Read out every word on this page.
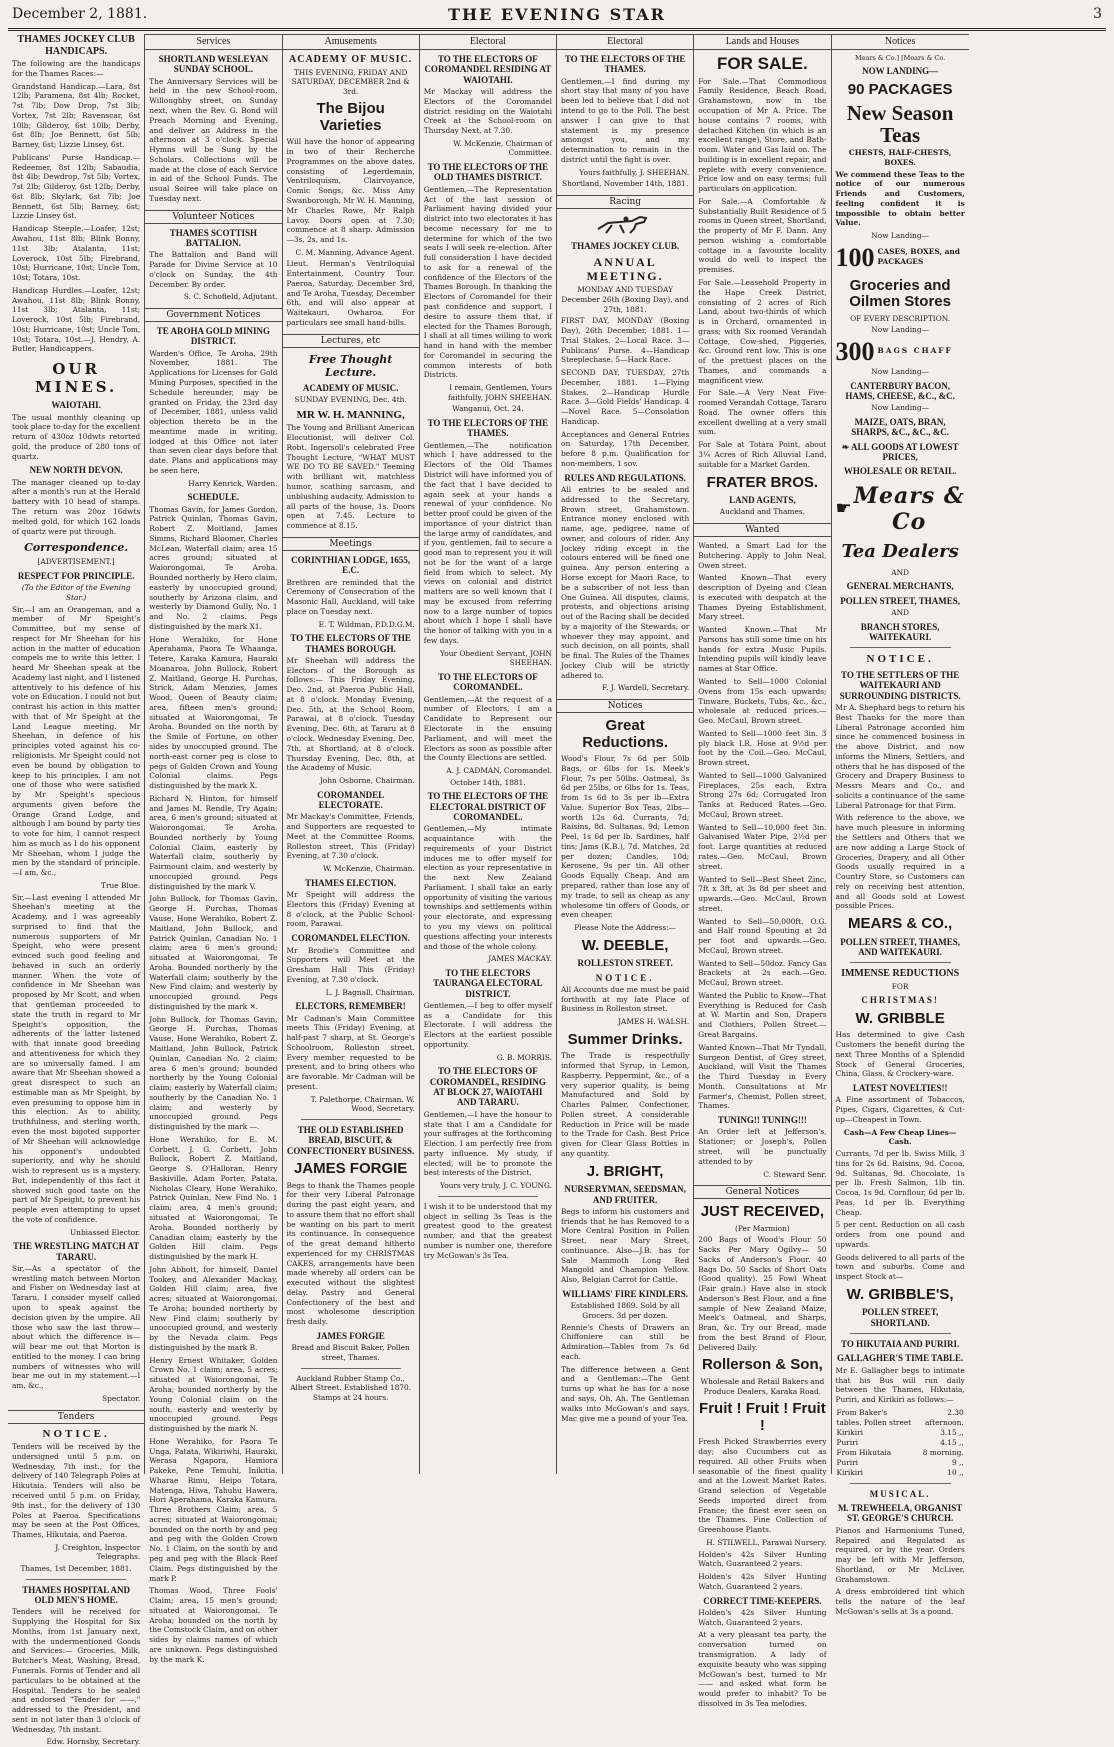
December 2, 1881.	THE EVENING STAR	3
THAMES JOCKEY CLUB HANDICAPS.

The following are the handicaps for the Thames Races:—

Grandstand Handicap.—Lara, 8st 12lb; Paramena, 8st 4lb; Rocket, 7st 7lb; Dow Drop, 7st 3lb; Vortex, 7st 2lb; Ravenscar, 6st 10lb; Gilderoy, 6st 10lb; Derby, 6st 8lb; Joe Bennett, 6st 5lb; Barney, 6st; Lizzie Linsey, 6st.

Publicans' Purse Handicap.—Redeemer, 8st 12lb; Sabaudia, 8st 4lb; Dewdrop, 7st 5lb; Vortex, 7st 2lb; Gilderoy, 6st 12lb; Derby, 6st 8lb; Skylark, 6st 7lb; Joe Bennett, 6st 5lb; Barney, 6st; Lizzie Linsey 6st.

Handicap Steeple.—Loafer, 12st; Awahou, 11st 8lb; Blink Bonny, 11st 3lb; Atalanta, 11st; Loverock, 10st 5lb; Firebrand, 10st; Hurricane, 10st; Uncle Tom, 10st; Totara, 10st.

Handicap Hurdles.—Loafer, 12st; Awahou, 11st 8lb; Blink Bonny, 11st 3lb; Atalanta, 11st; Loverock, 10st 5lb; Firebrand, 10st; Hurricane, 10st; Uncle Tom, 10st; Totara, 10st.—J. Hendry, A. Butler, Handicappers.

OUR MINES.
WAIOTAHI.

The usual monthly cleaning up took place to-day for the excellent return of 430oz 10dwts retorted gold, the produce of 280 tons of quartz.

NEW NORTH DEVON.

The manager cleaned up to-day after a month's run at the Herald battery with 10 head of stamps. The return was 20oz 16dwts melted gold, for which 162 loads of quartz were put through.

Correspondence.
[ADVERTISEMENT.]
RESPECT FOR PRINCIPLE.
(To the Editor of the Evening Star.)

Sir,—I am an Orangeman, and a member of Mr Speight's Committee, but my sense of respect for Mr Sheehan for his action in the matter of education compels me to write this letter. I heard Mr Sheehan speak at the Academy last night, and I listened attentively to his defence of his vote on Education. I could not but contrast his action in this matter with that of Mr Speight at the Land League meeting. Mr Sheehan, in defence of his principles voted against his co-religionists. Mr Speight could not even be bound by obligation to keep to his principles. I am not one of those who were satisfied by Mr Speight's specious arguments given before the Orange Grand Lodge, and although I am bound by party ties to vote for him, I cannot respect him as much as I do his opponent Mr Sheehan, whom I judge the men by the standard of principle.—I am, &c.,

True Blue.

Sir,—Last evening I attended Mr Sheehan's meeting at the Academy, and I was agreeably surprised to find that the numerous supporters of Mr Speight, who were present evinced such good feeling and behaved in such an orderly manner. When the vote of confidence in Mr Sheehan was proposed by Mr Scott, and when that gentleman proceeded to state the truth in regard to Mr Speight's opposition, the adherents of the latter listened with that innate good breeding and attentiveness for which they are so universally famed. I am aware that Mr Sheehan showed a great disrespect to such an estimable man as Mr Speight, by even presuming to oppose him in this election. As to ability, truthfulness, and sterling worth, even the most bigoted supporter of Mr Sheehan will acknowledge his opponent's undoubted superiority, and why he should wish to represent us is a mystery. But, independently of this fact it showed such good taste on the part of Mr Speight, to prevent his people even attempting to upset the vote of confidence.

Unbiassed Elector.
THE WRESTLING MATCH AT TARARU.

Sir,—As a spectator of the wrestling match between Morton and Fisher on Wednesday last at Tararu, I consider myself called upon to speak against the decision given by the umpire. All those who saw the last throw—about which the difference is—will bear me out that Morton is entitled to the money. I can bring numbers of witnesses who will bear me out in my statement.—I am, &c.,

Spectator.
Tenders
NOTICE.

Tenders will be received by the undersigned until 5 p.m. on Wednesday, 7th inst., for the delivery of 140 Telegraph Poles at Hikutaia. Tenders will also be received until 5 p.m. on Friday, 9th inst., for the delivery of 130 Poles at Paeroa. Specifications may be seen at the Post Offices, Thames, Hikutaia, and Paeroa.

J. Creighton, Inspector Telegraphs.
Thames, 1st December, 1881.
THAMES HOSPITAL AND OLD MEN'S HOME.

Tenders will be received for Supplying the Hospital for Six Months, from 1st January next, with the undermentioned Goods and Services:— Groceries, Milk, Butcher's Meat, Washing, Bread, Funerals. Forms of Tender and all particulars to be obtained at the Hospital. Tenders to be sealed and endorsed "Tender for ——," addressed to the President, and sent in not later than 3 o'clock of Wednesday, 7th instant.

Edw. Hornsby, Secretary.
Services
SHORTLAND WESLEYAN SUNDAY SCHOOL.

The Anniversary Services will be held in the new School-room, Willoughby street, on Sunday next, when the Rev. G. Bond will Preach Morning and Evening, and deliver an Address in the afternoon at 3 o'clock. Special Hymns will be Sung by the Scholars. Collections will be made at the close of each Service in aid of the School Funds. The usual Soiree will take place on Tuesday next.

Volunteer Notices
THAMES SCOTTISH BATTALION.

The Battalion and Band will Parade for Divine Service at 10 o'clock on Sunday, the 4th December. By order.

S. C. Schofield, Adjutant.
Government Notices
TE AROHA GOLD MINING DISTRICT.

Warden's Office, Te Aroha, 29th November, 1881. The Applications for Licenses for Gold Mining Purposes, specified in the Schedule hereunder, may be granted on Friday, the 23rd day of December, 1881, unless valid objection thereto be in the meantime made in writing, lodged at this Office not later than seven clear days before that date. Plans and applications may be seen here.

Harry Kenrick, Warden.
SCHEDULE.

Thomas Gavin, for James Gordon, Patrick Quinlan, Thomas Gavin, Robert Z. Moitland, James Simms, Richard Bloomer, Charles McLean, Waterfall claim; area 15 acres ground; situated at Waiorongomai, Te Aroha. Bounded northerly by Hero claim, easterly by unoccupied ground, southerly by Arizona claim, and westerly by Diamond Gully, No. 1 and No. 2 claims. Pegs distinguished by the mark X1.

Hone Werahiko, for Hone Aperahama, Paora Te Whaanga, Tetere, Karaka Kamura, Hauraki Moanaroa, John Bullock, Robert Z. Maitland, George H. Purchas, Strick, Adam Menzies, James Wood, Queen of Beauty claim; area, fifteen men's ground; situated at Waiorongomai, Te Aroha. Bounded on the north by the Smile of Fortune, on other sides by unoccupied ground. The north-east corner peg is close to pegs of Golden Crown and Young Colonial claims. Pegs distinguished by the mark X.

Richard N. Hinton, for himself and James M. Rendle, Try Again; area, 6 men's ground; situated at Waiorongomai, Te Aroha. Bounded northerly by Young Colonial Claim, easterly by Waterfall claim, southerly by Fairmount claim, and westerly by unoccupied ground. Pegs distinguished by the mark V.

John Bullock, for Thomas Gavin, George H. Purchas, Thomas Vause, Hone Werahiko, Robert Z. Maitland, John Bullock, and Patrick Quinlan, Canadian No. 1 claim; area 6 men's ground; situated at Waiorongomai, Te Aroha. Bounded northerly by the Waterfall claim; southerly by the New Find claim; and westerly by unoccupied ground. Pegs distinguished by the mark ✕.

John Bullock, for Thomas Gavin, George H. Purchas, Thomas Vause, Hone Werahiko, Robert Z. Maitland, John Bullock, Patrick Quinlan, Canadian No. 2 claim; area 6 men's ground; bounded northerly by the Young Colonial claim; easterly by Waterfall claim; southerly by the Canadian No. 1 claim; and westerly by unoccupied ground. Pegs distinguished by the mark —.

Hone Werahiko, for E. M. Corbett, J. G. Corbett, John Bullock, Robert Z. Maitland, George S. O'Halloran, Henry Baskiville, Adam Porter, Patata, Nicholas Cleary, Hone Werahiko, Patrick Quinlan, New Find No. 1 claim; area, 4 men's ground; situated at Waiorongomai, Te Aroha. Bounded northerly by Canadian claim; easterly by the Golden Hill claim. Pegs distinguished by the mark H.

John Abbott, for himself, Daniel Tookey, and Alexander Mackay, Golden Hill claim; area, five acres; situated at Waiorongomai, Te Aroha; bounded northerly by New Find claim; southerly by unoccupied ground, and westerly by the Nevada claim. Pegs distinguished by the mark B.

Henry Ernest Whitaker, Golden Crown No. 1 claim; area, 5 acres; situated at Waiorongomai, Te Aroha; bounded northerly by the Young Colonial claim on the south, easterly and westerly by unoccupied ground. Pegs distinguished by the mark N.

Hone Werahiko, for Paora Te Unga, Patata, Wikiriwhi, Hauraki, Werasa Ngapora, Hamiora Pakeke, Pene Temuhi, Inikitia, Wharae Rimu, Heipo Totara, Matenga, Hiwa, Tahuhu Hawera, Hori Aperahama, Karaka Kamura. Three Brothers Claim; area, 5 acres; situated at Waiorongomai; bounded on the north by and peg and peg with the Golden Crown No. 1 Claim, on the south by and peg and peg with the Black Reef Claim. Pegs distinguished by the mark P.

Thomas Wood, Three Fools' Claim; area, 15 men's ground; situated at Waiorongomai, Te Aroha; bounded on the north by the Comstock Claim, and on other sides by claims names of which are unknown. Pegs distinguished by the mark K.

Amusements
ACADEMY OF MUSIC.
THIS EVENING, FRIDAY AND SATURDAY, DECEMBER 2nd & 3rd.
The Bijou Varieties

Will have the honor of appearing in two of their Recherche Programmes on the above dates, consisting of Legerdemain, Ventriloquism, Clairvoyance, Comic Songs, &c. Miss Amy Swanborough, Mr W. H. Manning, Mr Charles Rowe, Mr Ralph Lavoy. Doors open at 7.30; commence at 8 sharp. Admission—3s, 2s, and 1s.

C. M. Manning, Advance Agent.

Lieut. Herman's Ventriloquial Entertainment, Country Tour. Paeroa, Saturday, December 3rd, and Te Aroha, Tuesday, December 6th, and will also appear at Waitekauri, Owharoa. For particulars see small hand-bills.

Lectures, etc
Free Thought Lecture.
ACADEMY OF MUSIC.
SUNDAY EVENING, Dec. 4th.
MR W. H. MANNING,

The Young and Brilliant American Elocutionist, will deliver Col. Robt. Ingersoll's celebrated Free Thought Lecture, "WHAT MUST WE DO TO BE SAVED." Teeming with brilliant wit, matchless humor, scathing sarcasm, and unblushing audacity. Admission to all parts of the house, 1s. Doors open at 7.45. Lecture to commence at 8.15.

Meetings
CORINTHIAN LODGE, 1655, E.C.

Brethren are reminded that the Ceremony of Consecration of the Masonic Hall, Auckland, will take place on Tuesday next.

E. T. Wildman, P.D.D.G.M.
TO THE ELECTORS OF THE THAMES BOROUGH.

Mr Sheehan will address the Electors of the Borough as follows:— This Friday Evening, Dec. 2nd, at Paeroa Public Hall, at 8 o'clock. Monday Evening, Dec. 5th, at the School Room, Parawai, at 8 o'clock. Tuesday Evening, Dec. 6th, at Tararu at 8 o'clock. Wednesday Evening, Dec. 7th, at Shortland, at 8 o'clock. Thursday Evening, Dec. 8th, at the Academy of Music.

John Osborne, Chairman.
COROMANDEL ELECTORATE.

Mr Mackay's Committee, Friends, and Supporters are requested to Meet at the Committee Rooms, Rolleston street, This (Friday) Evening, at 7.30 o'clock.

W. McKenzie, Chairman.
THAMES ELECTION.

Mr Speight will address the Electors this (Friday) Evening at 8 o'clock, at the Public School-room, Parawai.

COROMANDEL ELECTION.

Mr Brodie's Committee and Supporters will Meet at the Gresham Hall This (Friday) Evening, at 7.30 o'clock.

L. J. Bagnall, Chairman.
ELECTORS, REMEMBER!

Mr Cadman's Main Committee meets This (Friday) Evening, at half-past 7 sharp, at St. George's Schoolroom, Rolleston street. Every member requested to be present, and to bring others who are favorable. Mr Cadman will be present.

T. Palethorpe, Chairman. W. Wood, Secretary.
THE OLD ESTABLISHED BREAD, BISCUIT, & CONFECTIONERY BUSINESS.
JAMES FORGIE

Begs to thank the Thames people for their very Liberal Patronage during the past eight years, and to assure them that no effort shall be wanting on his part to merit its continuance. In consequence of the great demand hitherto experienced for my CHRISTMAS CAKES, arrangements have been made whereby all orders can be executed without the slightest delay. Pastry and General Confectionery of the best and most wholesome description fresh daily.

JAMES FORGIE
Bread and Biscuit Baker, Pollen street, Thames.
Auckland Rubber Stamp Co., Albert Street. Established 1870. Stamps at 24 hours.
Electoral
TO THE ELECTORS OF COROMANDEL RESIDING AT WAIOTAHI.

Mr Mackay will address the Electors of the Coromandel district residing on the Waiotahi Creek at the School-room on Thursday Next, at 7.30.

W. McKenzie, Chairman of Committee.
TO THE ELECTORS OF THE OLD THAMES DISTRICT.

Gentlemen,—The Representation Act of the last session of Parliament having divided your district into two electorates it has become necessary for me to determine for which of the two seats I will seek re-election. After full consideration I have decided to ask for a renewal of the confidence of the Electors of the Thames Borough. In thanking the Electors of Coromandel for their past confidence and support, I desire to assure them that, if elected for the Thames Borough, I shall at all times willing to work hand in hand with the member for Coromandel in securing the common interests of both Districts.

I remain, Gentlemen, Yours faithfully, JOHN SHEEHAN.
Wanganui, Oct. 24.
TO THE ELECTORS OF THE THAMES.

Gentlemen,—The notification which I have addressed to the Electors of the Old Thames District will have informed you of the fact that I have decided to again seek at your hands a renewal of your confidence. No better proof could be given of the importance of your district than the large army of candidates, and if you, gentlemen, fail to secure a good man to represent you it will not be for the want of a large field from which to select. My views on colonial and district matters are so well known that I may be excused from referring now to a large number of topics about which I hope I shall have the honor of talking with you in a few days.

Your Obedient Servant, JOHN SHEEHAN.
TO THE ELECTORS OF COROMANDEL.

Gentlemen,—At the request of a number of Electors, I am a Candidate to Represent our Electorate in the ensuing Parliament, and will meet the Electors as soon as possible after the County Elections are settled.

A. J. CADMAN, Coromandel.
October 14th, 1881.
TO THE ELECTORS OF THE ELECTORAL DISTRICT OF COROMANDEL.

Gentlemen,—My intimate acquaintance with the requirements of your District induces me to offer myself for election as your representative in the next New Zealand Parliament. I shall take an early opportunity of visiting the various townships and settlements within your electorate, and expressing to you my views on political questions affecting your interests and those of the whole colony.

JAMES MACKAY.
TO THE ELECTORS TAURANGA ELECTORAL DISTRICT.

Gentlemen,—I beg to offer myself as a Candidate for this Electorate. I will address the Electors at the earliest possible opportunity.

G. B. MORRIS.
TO THE ELECTORS OF COROMANDEL, RESIDING AT BLOCK 27, WAIOTAHI AND TARARU.

Gentlemen,—I have the honour to state that I am a Candidate for your suffrages at the forthcoming Election. I am perfectly free from party influence. My study, if elected, will be to promote the best interests of the District.

Yours very truly, J. C. YOUNG.

I wish it to be understood that my object in selling 3s Teas is the greatest good to the greatest number, and that the greatest number is number one, therefore try McGowan's 3s Tea.

Electoral
TO THE ELECTORS OF THE THAMES.

Gentlemen,—I find during my short stay that many of you have been led to believe that I did not intend to go to the Poll. The best answer I can give to that statement is my presence amongst you, and my determination to remain in the district until the fight is over.

Yours faithfully, J. SHEEHAN.
Shortland, November 14th, 1881.
Racing
THAMES JOCKEY CLUB.
ANNUAL MEETING.
MONDAY AND TUESDAY December 26th (Boxing Day), and 27th, 1881.

FIRST DAY, MONDAY (Boxing Day), 26th December, 1881. 1—Trial Stakes. 2—Local Race. 3—Publicans' Purse. 4—Handicap Steeplechase. 5—Hack Race.

SECOND DAY, TUESDAY, 27th December, 1881. 1—Flying Stakes. 2—Handicap Hurdle Race. 3—Gold Fields' Handicap. 4—Novel Race. 5—Consolation Handicap.

Acceptances and General Entries on Saturday, 17th December, before 8 p.m. Qualification for non-members, 1 sov.

RULES AND REGULATIONS.

All entries to be sealed and addressed to the Secretary, Brown street, Grahamstown. Entrance money enclosed with name, age, pedigree, name of owner, and colours of rider. Any Jockey riding except in the colours entered will be fined one guinea. Any person entering a Horse except for Maori Race, to be a subscriber of not less than One Guinea. All disputes, claims, protests, and objections arising out of the Racing shall be decided by a majority of the Stewards, or whoever they may appoint, and such decision, on all points, shall be final. The Rules of the Thames Jockey Club will be strictly adhered to.

F. J. Wardell, Secretary.
Notices
Great Reductions.

Wood's Flour, 7s 6d per 50lb Bags, or 6lbs for 1s. Meek's Flour, 7s per 50lbs. Oatmeal, 3s 6d per 25lbs, or 6lbs for 1s. Teas, from 1s 6d to 3s per lb—Extra Value. Superior Box Teas, 2lbs—worth 12s 6d. Currants, 7d; Raisins, 8d. Sultanas, 9d; Lemon Peel, 1s 6d per lb. Sardines, half tins; Jams (K.B.), 7d. Matches, 2d per dozen; Candles, 10d; Kerosene, 9s per tin. All other Goods Equally Cheap. And am prepared, rather than lose any of my trade, to sell as cheap as any wholesome tin offers of Goods, or even cheaper.

Please Note the Address:—
W. DEEBLE,
ROLLESTON STREET.
NOTICE.

All Accounts due me must be paid forthwith at my late Place of Business in Rolleston street.

JAMES H. WALSH.
Summer Drinks.

The Trade is respectfully informed that Syrup, in Lemon, Raspberry, Peppermint, &c., of a very superior quality, is being Manufactured and Sold by Charles Palmer, Confectioner, Pollen street. A considerable Reduction in Price will be made to the Trade for Cash. Best Price given for Clear Glass Bottles in any quantity.

J. BRIGHT,
NURSERYMAN, SEEDSMAN, AND FRUITER.

Begs to inform his customers and friends that he has Removed to a More Central Position in Pollen Street, near Mary Street, continuance. Also—J.B. has for Sale Mammoth Long Red Mangold and Champion Yellow. Also, Belgian Carrot for Cattle.

WILLIAMS' FIRE KINDLERS.
Established 1869. Sold by all Grocers. 3d per dozen.

Rennie's Chests of Drawers an Chiffoniere can still be Admiration—Tables from 7s 6d each.

The difference between a Gent and a Gentleman:—The Gent turns up what he has for a nose and says, Oh, Ah. The Gentleman walks into McGowan's and says, Mac give me a pound of your Tea.

Lands and Houses
FOR SALE.

For Sale.—That Commodious Family Residence, Beach Road, Grahamstown, now in the occupation of Mr A. Price. The house contains 7 rooms, with detached Kitchen (in which is an excellent range), Store, and Bath-room. Water and Gas laid on. The building is in excellent repair, and replete with every convenience. Price low and on easy terms; full particulars on application.

For Sale.—A Comfortable & Substantially Built Residence of 5 rooms in Queen street, Shortland, the property of Mr F. Dann. Any person wishing a comfortable cottage in a favourite locality would do well to inspect the premises.

For Sale.—Leasehold Property in the Hape Creek District, consisting of 2 acres of Rich Land, about two-thirds of which is in Orchard, ornamented in grass; with Six roomed Verandah Cottage, Cow-shed, Piggeries, &c. Ground rent low. This is one of the prettiest places on the Thames, and commands a magnificent view.

For Sale.—A Very Neat Five-roomed Verandah Cottage, Tararu Road. The owner offers this excellent dwelling at a very small sum.

For Sale at Totara Point, about 3¼ Acres of Rich Alluvial Land, suitable for a Market Garden.

FRATER BROS.
LAND AGENTS,
Auckland and Thames.
Wanted

Wanted, a Smart Lad for the Butchering. Apply to John Neal, Owen street.

Wanted Known—That every description of Dyeing and Clean is executed with despatch at the Thames Dyeing Establishment, Mary street.

Wanted Known.—That Mr Parsons has still some time on his hands for extra Music Pupils. Intending pupils will kindly leave names at Star Office.

Wanted to Sell—1000 Colonial Ovens from 15s each upwards; Tinware, Buckets, Tubs, &c., &c., wholesale at reduced prices.—Geo. McCaul, Brown street.

Wanted to Sell—1000 feet 3in. 3 ply black I.R. Hose at 9½d per foot by the Coil.—Geo. McCaul, Brown street.

Wanted to Sell—1000 Galvanized Fireplaces, 25s each, Extra Strong 27s 6d; Corrugated Iron Tanks at Reduced Rates.—Geo. McCaul, Brown street.

Wanted to Sell—10,000 feet 3in. Galvanised Water Pipe, 2½d per foot. Large quantities at reduced rates.—Geo. McCaul, Brown street.

Wanted to Sell—Best Sheet Zinc, 7ft x 3ft, at 3s 8d per sheet and upwards.—Geo. McCaul, Brown street.

Wanted to Sell—50,000ft. O.G. and Half round Spouting at 2d per foot and upwards.—Geo. McCaul, Brown street.

Wanted to Sell—50doz. Fancy Gas Brackets at 2s each.—Geo. McCaul, Brown street.

Wanted the Public to Know—That Everything is Reduced for Cash at W. Martin and Son, Drapers and Clothiers, Pollen Street.—Great Bargains.

Wanted Known—That Mr Tyndall, Surgeon Dentist, of Grey street, Auckland, will Visit the Thames the Third Tuesday in Every Month. Consultations at Mr Farmer's, Chemist, Pollen street, Thames.

TUNING!! TUNING!!!

An Order left at Jefferson's, Stationer; or Joseph's, Pollen street, will be punctually attended to by

C. Steward Senr.
General Notices
JUST RECEIVED,
(Per Marmion)

200 Bags of Wood's Flour 50 Sacks Per Mary Ogilvy— 50 Sacks of Anderson's Flour. 40 Bags Do. 50 Sacks of Short Oats (Good quality). 25 Fowl Wheat (Fair grain.) Have also in stock Anderson's Best Flour, and a fine sample of New Zealand Maize, Meek's Oatmeal, and Sharps, Bran, &c. Try our Bread, made from the best Brand of Flour, Delivered Daily.

Rollerson & Son,
Wholesale and Retail Bakers and Produce Dealers, Karaka Road.
Fruit ! Fruit ! Fruit !

Fresh Picked Strawberries every day; also Cucumbers cut as required. All other Fruits when seasonable of the finest quality and at the Lowest Market Rates. Grand selection of Vegetable Seeds imported direct from France; the finest ever seen on the Thames. Fine Collection of Greenhouse Plants.

H. STILWELL, Parawai Nursery.

Holden's 42s Silver Hunting Watch, Guaranteed 2 years.

Holden's 42s Silver Hunting Watch, Guaranteed 2 years.

CORRECT TIME-KEEPERS.

Holden's 42s Silver Hunting Watch, Guaranteed 2 years.

At a very pleasant tea party, the conversation turned on transmigration. A lady of exquisite beauty who was sipping McGowan's best, turned to Mr —— and asked what form he would prefer to inhabit? To be dissolved in 3s Tea melodies.

Notices
Mears & Co.] [Mears & Co.
NOW LANDING—
90 PACKAGES
New Season Teas
CHESTS, HALF-CHESTS, BOXES.

We commend these Teas to the notice of our numerous Friends and Customers, feeling confident it is impossible to obtain better Value.

Now Landing—
100 CASES, BOXES, and PACKAGES
Groceries and Oilmen Stores
OF EVERY DESCRIPTION.
Now Landing—
300 BAGS CHAFF
Now Landing—
CANTERBURY BACON, HAMS, CHEESE, &C., &C.
Now Landing—
MAIZE, OATS, BRAN, SHARPS, &C., &C., &C.
❧ ALL GOODS AT LOWEST PRICES,
WHOLESALE OR RETAIL.
☛ Mears & Co
Tea Dealers
AND
GENERAL MERCHANTS,
POLLEN STREET, THAMES,
AND
BRANCH STORES, WAITEKAURI.
NOTICE.
TO THE SETTLERS OF THE WAITEKAURI AND SURROUNDING DISTRICTS.

Mr A. Shephard begs to return his Best Thanks for the more than Liberal Patronage accorded him since he commenced business in the above District, and now informs the Miners, Settlers, and others that he has disposed of the Grocery and Drapery Business to Messrs Mears and Co., and solicits a continuance of the same Liberal Patronage for that Firm.

With reference to the above, we have much pleasure in informing the Settlers and Others that we are now adding a Large Stock of Groceries, Drapery, and all Other Goods usually required in a Country Store, so Customers can rely on receiving best attention, and all Goods sold at Lowest possible Prices.

MEARS & CO.,
POLLEN STREET, THAMES, AND WAITEKAURI.
IMMENSE REDUCTIONS
FOR
CHRISTMAS!
W. GRIBBLE

Has determined to give Cash Customers the benefit during the next Three Months of a Splendid Stock of General Groceries, China, Glass, & Crockery-ware.

LATEST NOVELTIES!!

A Fine assortment of Tobaccos, Pipes, Cigars, Cigarettes, & Cut-up—Cheapest in Town.

Cash—A Few Cheap Lines—Cash.

Currants, 7d per lb. Swiss Milk, 3 tins for 2s 6d. Raisins, 9d. Cocoa, 9d. Sultanas, 9d. Chocolate, 1s per lb. Fresh Salmon, 1lb tin. Cocoa, 1s 9d. Cornflour, 6d per lb. Peas, 1d per lb. Everything Cheap.

5 per cent. Reduction on all cash orders from one pound and upwards.

Goods delivered to all parts of the town and suburbs. Come and inspect Stock at—

W. GRIBBLE'S,
POLLEN STREET, SHORTLAND.
TO HIKUTAIA AND PURIRI.
GALLAGHER'S TIME TABLE.

Mr E. Gallagher begs to intimate that his Bus will run daily between the Thames, Hikutaia, Puriri, and Kirikiri as follows:—

From Baker's tables, Pollen street	2.30 afternoon.
Kirikiri	3.15 ,,
Puriri	4.15 ,,
From Hikutaia	8 morning.
Puriri	9 ,,
Kirikiri	10 ,,
MUSICAL.
M. TREWHEELA, ORGANIST ST. GEORGE'S CHURCH.

Pianos and Harmoniums Tuned, Repaired and Regulated as required, or by the year. Orders may be left with Mr Jefferson, Shortland, or Mr McLiver, Grahamstown.

A dress embroidered tint which tells the nature of the leaf McGowan's sells at 3s a pound.
